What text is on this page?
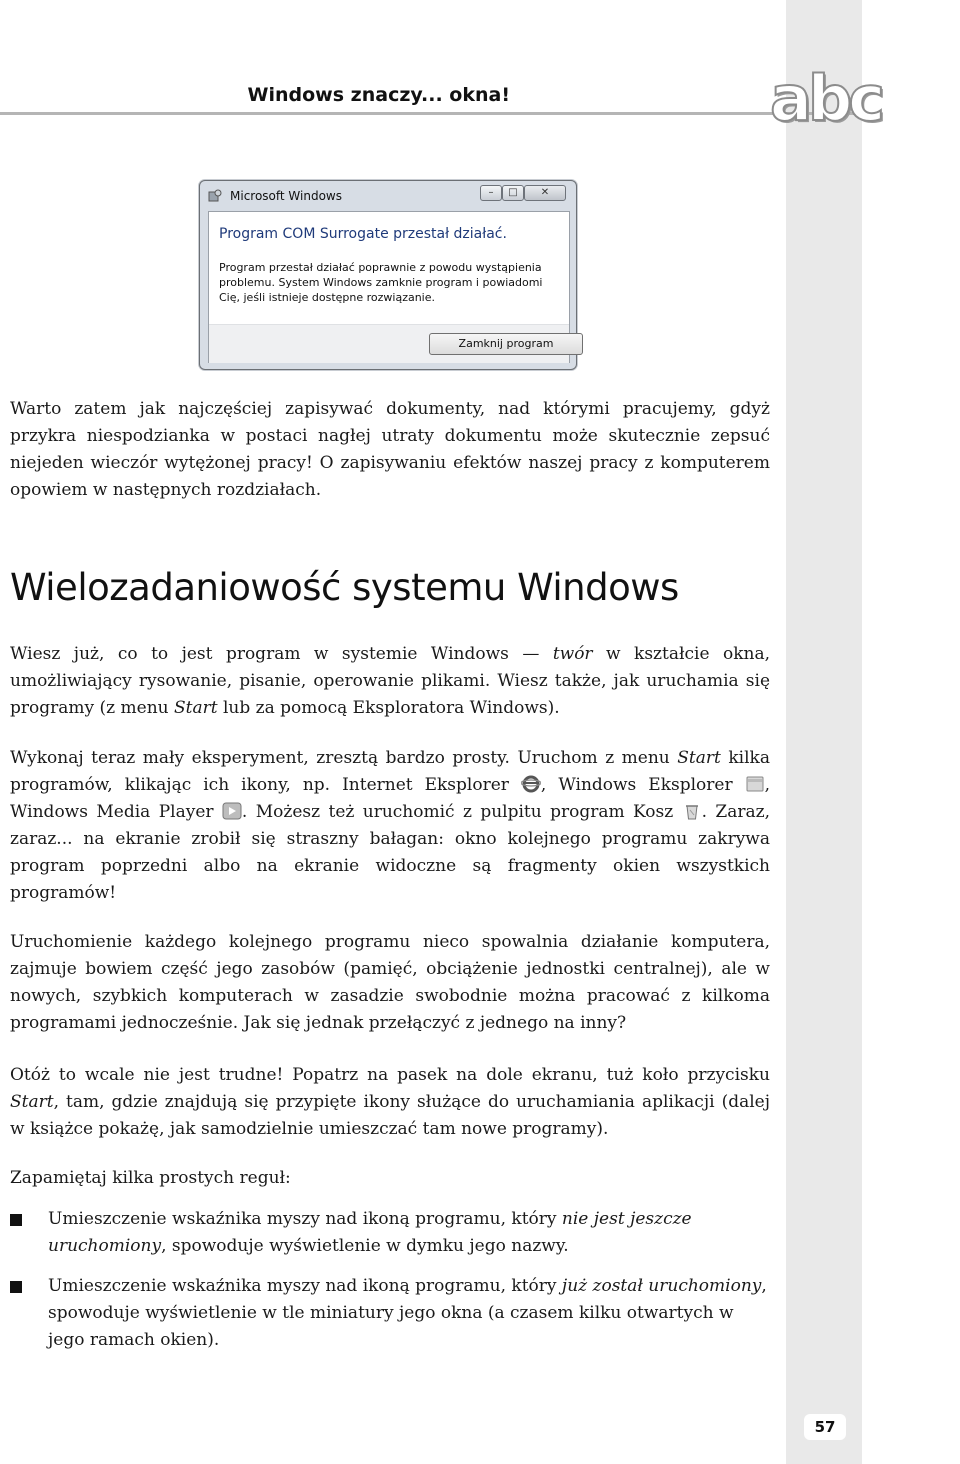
Windows znaczy... okna!	abc
Microsoft Windows	–	□	✕
Program COM Surrogate przestał działać.
Program przestał działać poprawnie z powodu wystąpienia problemu. System Windows zamknie program i powiadomi Cię, jeśli istnieje dostępne rozwiązanie.
Zamknij program
Warto zatem jak najczęściej zapisywać dokumenty, nad którymi pracujemy, gdyż przykra niespodzianka w postaci nagłej utraty dokumentu może skutecznie zepsuć niejeden wieczór wytężonej pracy! O zapisywaniu efektów naszej pracy z komputerem opowiem w następnych rozdziałach.
Wielozadaniowość systemu Windows
Wiesz już, co to jest program w systemie Windows — twór w kształcie okna, umożliwiający rysowanie, pisanie, operowanie plikami. Wiesz także, jak uruchamia się programy (z menu Start lub za pomocą Eksploratora Windows).
Wykonaj teraz mały eksperyment, zresztą bardzo prosty. Uruchom z menu Start kilka programów, klikając ich ikony, np. Internet Eksplorer , Windows Eksplorer , Windows Media Player . Możesz też uruchomić z pulpitu program Kosz . Zaraz, zaraz... na ekranie zrobił się straszny bałagan: okno kolejnego programu zakrywa program poprzedni albo na ekranie widoczne są fragmenty okien wszystkich programów!
Uruchomienie każdego kolejnego programu nieco spowalnia działanie komputera, zajmuje bowiem część jego zasobów (pamięć, obciążenie jednostki centralnej), ale w nowych, szybkich komputerach w zasadzie swobodnie można pracować z kilkoma programami jednocześnie. Jak się jednak przełączyć z jednego na inny?
Otóż to wcale nie jest trudne! Popatrz na pasek na dole ekranu, tuż koło przycisku Start, tam, gdzie znajdują się przypięte ikony służące do uruchamiania aplikacji (dalej w książce pokażę, jak samodzielnie umieszczać tam nowe programy).
Zapamiętaj kilka prostych reguł:
Umieszczenie wskaźnika myszy nad ikoną programu, który nie jest jeszcze uruchomiony, spowoduje wyświetlenie w dymku jego nazwy.
Umieszczenie wskaźnika myszy nad ikoną programu, który już został uruchomiony, spowoduje wyświetlenie w tle miniatury jego okna (a czasem kilku otwartych w jego ramach okien).
57
